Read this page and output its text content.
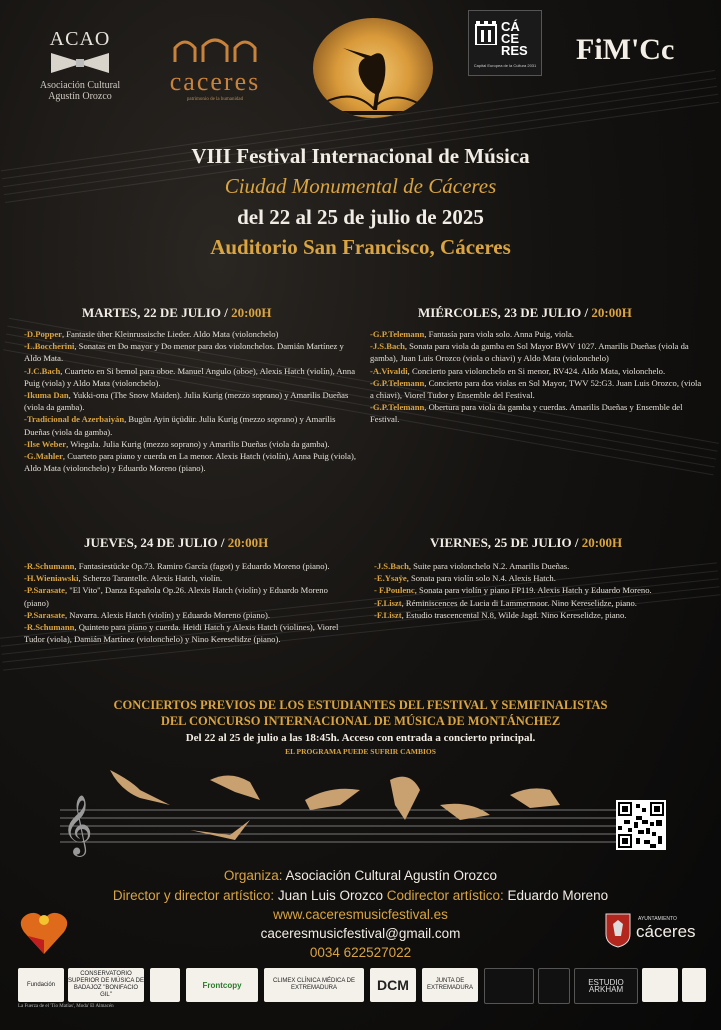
ACAO
Asociación Cultural
Agustín Orozco
caceres
patrimonio de la humanidad
CÁ
CE
RES
Capital Europea de la Cultura 2031 FiM'Cc
VIII Festival Internacional de Música
Ciudad Monumental de Cáceres
del 22 al 25 de julio de 2025
Auditorio San Francisco, Cáceres
MARTES, 22 DE JULIO / 20:00H

-D.Popper, Fantasie über Kleinrussische Lieder. Aldo Mata (violonchelo)

-L.Boccherini, Sonatas en Do mayor y Do menor para dos violonchelos. Damián Martínez y Aldo Mata.

-J.C.Bach, Cuarteto en Si bemol para oboe. Manuel Angulo (oboe), Alexis Hatch (violín), Anna Puig (viola) y Aldo Mata (violonchelo).

-Ikuma Dan, Yukki-ona (The Snow Maiden). Julia Kurig (mezzo soprano) y Amarilis Dueñas (viola da gamba).

-Tradicional de Azerbaiyán, Bugün Ayin üçüdür. Julia Kurig (mezzo soprano) y Amarilis Dueñas (viola da gamba).

-Ilse Weber, Wiegala. Julia Kurig (mezzo soprano) y Amarilis Dueñas (viola da gamba).

-G.Mahler, Cuarteto para piano y cuerda en La menor. Alexis Hatch (violín), Anna Puig (viola), Aldo Mata (violonchelo) y Eduardo Moreno (piano).

MIÉRCOLES, 23 DE JULIO / 20:00H

-G.P.Telemann, Fantasía para viola solo. Anna Puig, viola.

-J.S.Bach, Sonata para viola da gamba en Sol Mayor BWV 1027. Amarilis Dueñas (viola da gamba), Juan Luis Orozco (viola o chiavi) y Aldo Mata (violonchelo)

-A.Vivaldi, Concierto para violonchelo en Si menor, RV424. Aldo Mata, violonchelo.

-G.P.Telemann, Concierto para dos violas en Sol Mayor, TWV 52:G3. Juan Luis Orozco, (viola a chiavi), Viorel Tudor y Ensemble del Festival.

-G.P.Telemann, Obertura para viola da gamba y cuerdas. Amarilis Dueñas y Ensemble del Festival.

JUEVES, 24 DE JULIO / 20:00H

-R.Schumann, Fantasiestücke Op.73. Ramiro García (fagot) y Eduardo Moreno (piano).

-H.Wieniawski, Scherzo Tarantelle. Alexis Hatch, violín.

-P.Sarasate, "El Vito", Danza Española Op.26. Alexis Hatch (violín) y Eduardo Moreno (piano)

-P.Sarasate, Navarra. Alexis Hatch (violín) y Eduardo Moreno (piano).

-R.Schumann, Quinteto para piano y cuerda. Heidi Hatch y Alexis Hatch (violines), Viorel Tudor (viola), Damián Martínez (violonchelo) y Nino Kereselidze (piano).

VIERNES, 25 DE JULIO / 20:00H

-J.S.Bach, Suite para violonchelo N.2. Amarilis Dueñas.

-E.Ysaÿe, Sonata para violín solo N.4. Alexis Hatch.

- F.Poulenc, Sonata para violín y piano FP119. Alexis Hatch y Eduardo Moreno.

-F.Liszt, Réminiscences de Lucia di Lammermoor. Nino Kereselidze, piano.

-F.Liszt, Estudio trascencental N.8, Wilde Jagd. Nino Kereselidze, piano.

CONCIERTOS PREVIOS DE LOS ESTUDIANTES DEL FESTIVAL Y SEMIFINALISTAS
DEL CONCURSO INTERNACIONAL DE MÚSICA DE MONTÁNCHEZ
Del 22 al 25 de julio a las 18:45h. Acceso con entrada a concierto principal.
EL PROGRAMA PUEDE SUFRIR CAMBIOS
𝄞
Organiza: Asociación Cultural Agustín Orozco
Director y director artístico: Juan Luis Orozco Codirector artístico: Eduardo Moreno
www.caceresmusicfestival.es
caceresmusicfestival@gmail.com
0034 622527022
AYUNTAMIENTO
cáceres
Fundación
CONSERVATORIO SUPERIOR DE MÚSICA DE BADAJOZ "BONIFACIO GIL"
Frontcopy	CLIMEX CLÍNICA MÉDICA DE EXTREMADURA	DCM	JUNTA DE EXTREMADURA
ESTUDIO ARKHAM
La Fuerza de el 'Tío Matías', Moda' El Almacén
